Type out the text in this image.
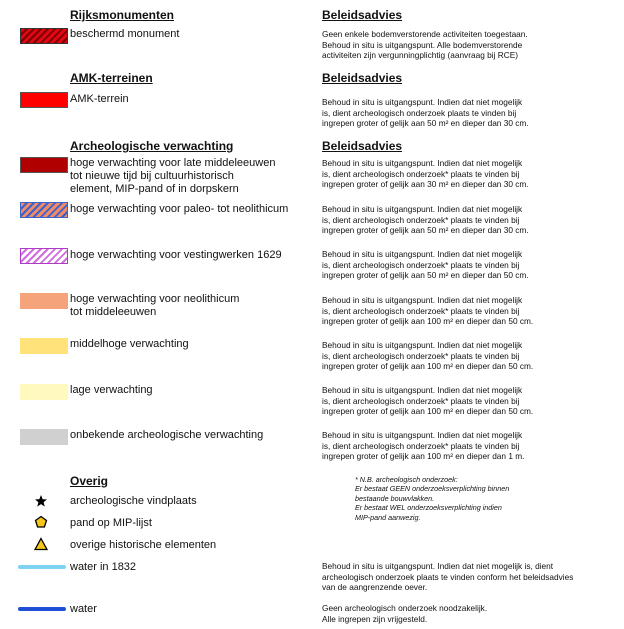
Rijksmonumenten
beschermd monument
AMK-terreinen
AMK-terrein
Archeologische verwachting
hoge verwachting voor late middeleeuwen
tot nieuwe tijd bij cultuurhistorisch
element, MIP-pand of in dorpskern
hoge verwachting voor paleo- tot neolithicum
hoge verwachting voor vestingwerken 1629
hoge verwachting voor neolithicum
tot middeleeuwen
middelhoge verwachting
lage verwachting
onbekende archeologische verwachting
Overig
archeologische vindplaats
pand op MIP-lijst
overige historische elementen
water in 1832
water
Beleidsadvies
Geen enkele bodemverstorende activiteiten toegestaan.
Behoud in situ is uitgangspunt. Alle bodemverstorende
activiteiten zijn vergunningplichtig (aanvraag bij RCE)
Beleidsadvies
Behoud in situ is uitgangspunt. Indien dat niet mogelijk
is, dient archeologisch onderzoek plaats te vinden bij
ingrepen groter of gelijk aan 50 m² en dieper dan 30 cm.
Beleidsadvies
Behoud in situ is uitgangspunt. Indien dat niet mogelijk
is, dient archeologisch onderzoek* plaats te vinden bij
ingrepen groter of gelijk aan 30 m² en dieper dan 30 cm.
Behoud in situ is uitgangspunt. Indien dat niet mogelijk
is, dient archeologisch onderzoek* plaats te vinden bij
ingrepen groter of gelijk aan 50 m² en dieper dan 30 cm.
Behoud in situ is uitgangspunt. Indien dat niet mogelijk
is, dient archeologisch onderzoek* plaats te vinden bij
ingrepen groter of gelijk aan 50 m² en dieper dan 50 cm.
Behoud in situ is uitgangspunt. Indien dat niet mogelijk
is, dient archeologisch onderzoek* plaats te vinden bij
ingrepen groter of gelijk aan 100 m² en dieper dan 50 cm.
Behoud in situ is uitgangspunt. Indien dat niet mogelijk
is, dient archeologisch onderzoek* plaats te vinden bij
ingrepen groter of gelijk aan 100 m² en dieper dan 50 cm.
Behoud in situ is uitgangspunt. Indien dat niet mogelijk
is, dient archeologisch onderzoek* plaats te vinden bij
ingrepen groter of gelijk aan 100 m² en dieper dan 50 cm.
Behoud in situ is uitgangspunt. Indien dat niet mogelijk
is, dient archeologisch onderzoek* plaats te vinden bij
ingrepen groter of gelijk aan 100 m² en dieper dan 1 m.
* N.B. archeologisch onderzoek:
Er bestaat GEEN onderzoeksverplichting binnen
bestaande bouwvlakken.
Er bestaat WEL onderzoeksverplichting indien
MIP-pand aanwezig.
Behoud in situ is uitgangspunt. Indien dat niet mogelijk is, dient
archeologisch onderzoek plaats te vinden conform het beleidsadvies
van de aangrenzende oever.
Geen archeologisch onderzoek noodzakelijk.
Alle ingrepen zijn vrijgesteld.
